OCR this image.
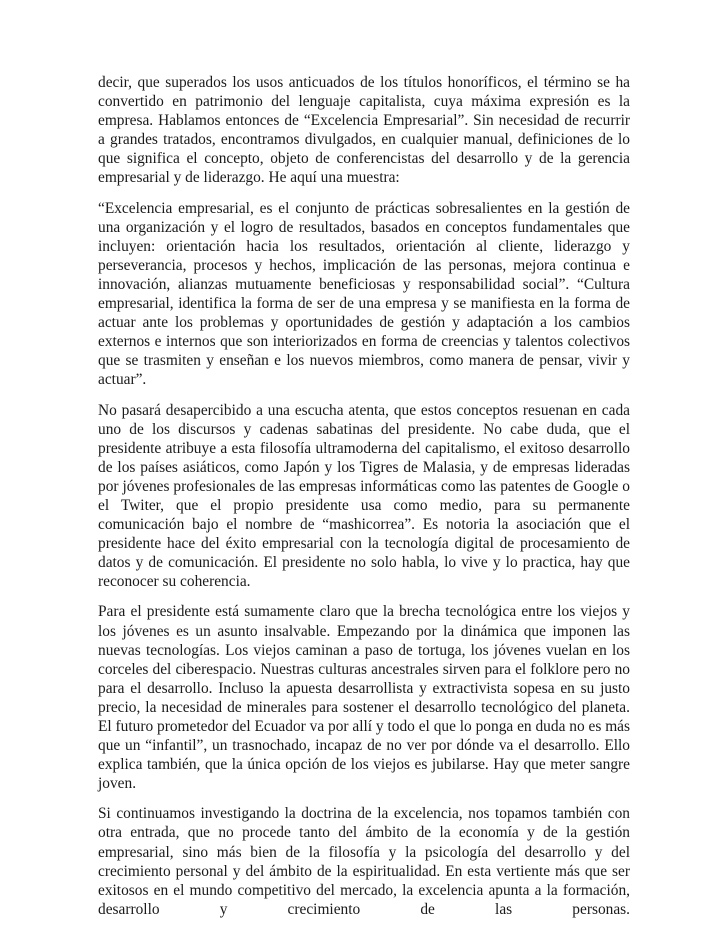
decir, que superados los usos anticuados de los títulos honoríficos, el término se ha convertido en patrimonio del lenguaje capitalista, cuya máxima expresión es la empresa. Hablamos entonces de “Excelencia Empresarial”. Sin necesidad de recurrir a grandes tratados, encontramos divulgados, en cualquier manual, definiciones de lo que significa el concepto, objeto de conferencistas del desarrollo y de la gerencia empresarial y de liderazgo. He aquí una muestra:

“Excelencia empresarial, es el conjunto de prácticas sobresalientes en la gestión de una organización y el logro de resultados, basados en conceptos fundamentales que incluyen: orientación hacia los resultados, orientación al cliente, liderazgo y perseverancia, procesos y hechos, implicación de las personas, mejora continua e innovación, alianzas mutuamente beneficiosas y responsabilidad social”. “Cultura empresarial, identifica la forma de ser de una empresa y se manifiesta en la forma de actuar ante los problemas y oportunidades de gestión y adaptación a los cambios externos e internos que son interiorizados en forma de creencias y talentos colectivos que se trasmiten y enseñan e los nuevos miembros, como manera de pensar, vivir y actuar”.

No pasará desapercibido a una escucha atenta, que estos conceptos resuenan en cada uno de los discursos y cadenas sabatinas del presidente. No cabe duda, que el presidente atribuye a esta filosofía ultramoderna del capitalismo, el exitoso desarrollo de los países asiáticos, como Japón y los Tigres de Malasia, y de empresas lideradas por jóvenes profesionales de las empresas informáticas como las patentes de Google o el Twiter, que el propio presidente usa como medio, para su permanente comunicación bajo el nombre de “mashicorrea”. Es notoria la asociación que el presidente hace del éxito empresarial con la tecnología digital de procesamiento de datos y de comunicación. El presidente no solo habla, lo vive y lo practica, hay que reconocer su coherencia.

Para el presidente está sumamente claro que la brecha tecnológica entre los viejos y los jóvenes es un asunto insalvable. Empezando por la dinámica que imponen las nuevas tecnologías. Los viejos caminan a paso de tortuga, los jóvenes vuelan en los corceles del ciberespacio. Nuestras culturas ancestrales sirven para el folklore pero no para el desarrollo. Incluso la apuesta desarrollista y extractivista sopesa en su justo precio, la necesidad de minerales para sostener el desarrollo tecnológico del planeta. El futuro prometedor del Ecuador va por allí y todo el que lo ponga en duda no es más que un “infantil”, un trasnochado, incapaz de no ver por dónde va el desarrollo. Ello explica también, que la única opción de los viejos es jubilarse. Hay que meter sangre joven.

Si continuamos investigando la doctrina de la excelencia, nos topamos también con otra entrada, que no procede tanto del ámbito de la economía y de la gestión empresarial, sino más bien de la filosofía y la psicología del desarrollo y del crecimiento personal y del ámbito de la espiritualidad. En esta vertiente más que ser exitosos en el mundo competitivo del mercado, la excelencia apunta a la formación, desarrollo y crecimiento de las personas.
